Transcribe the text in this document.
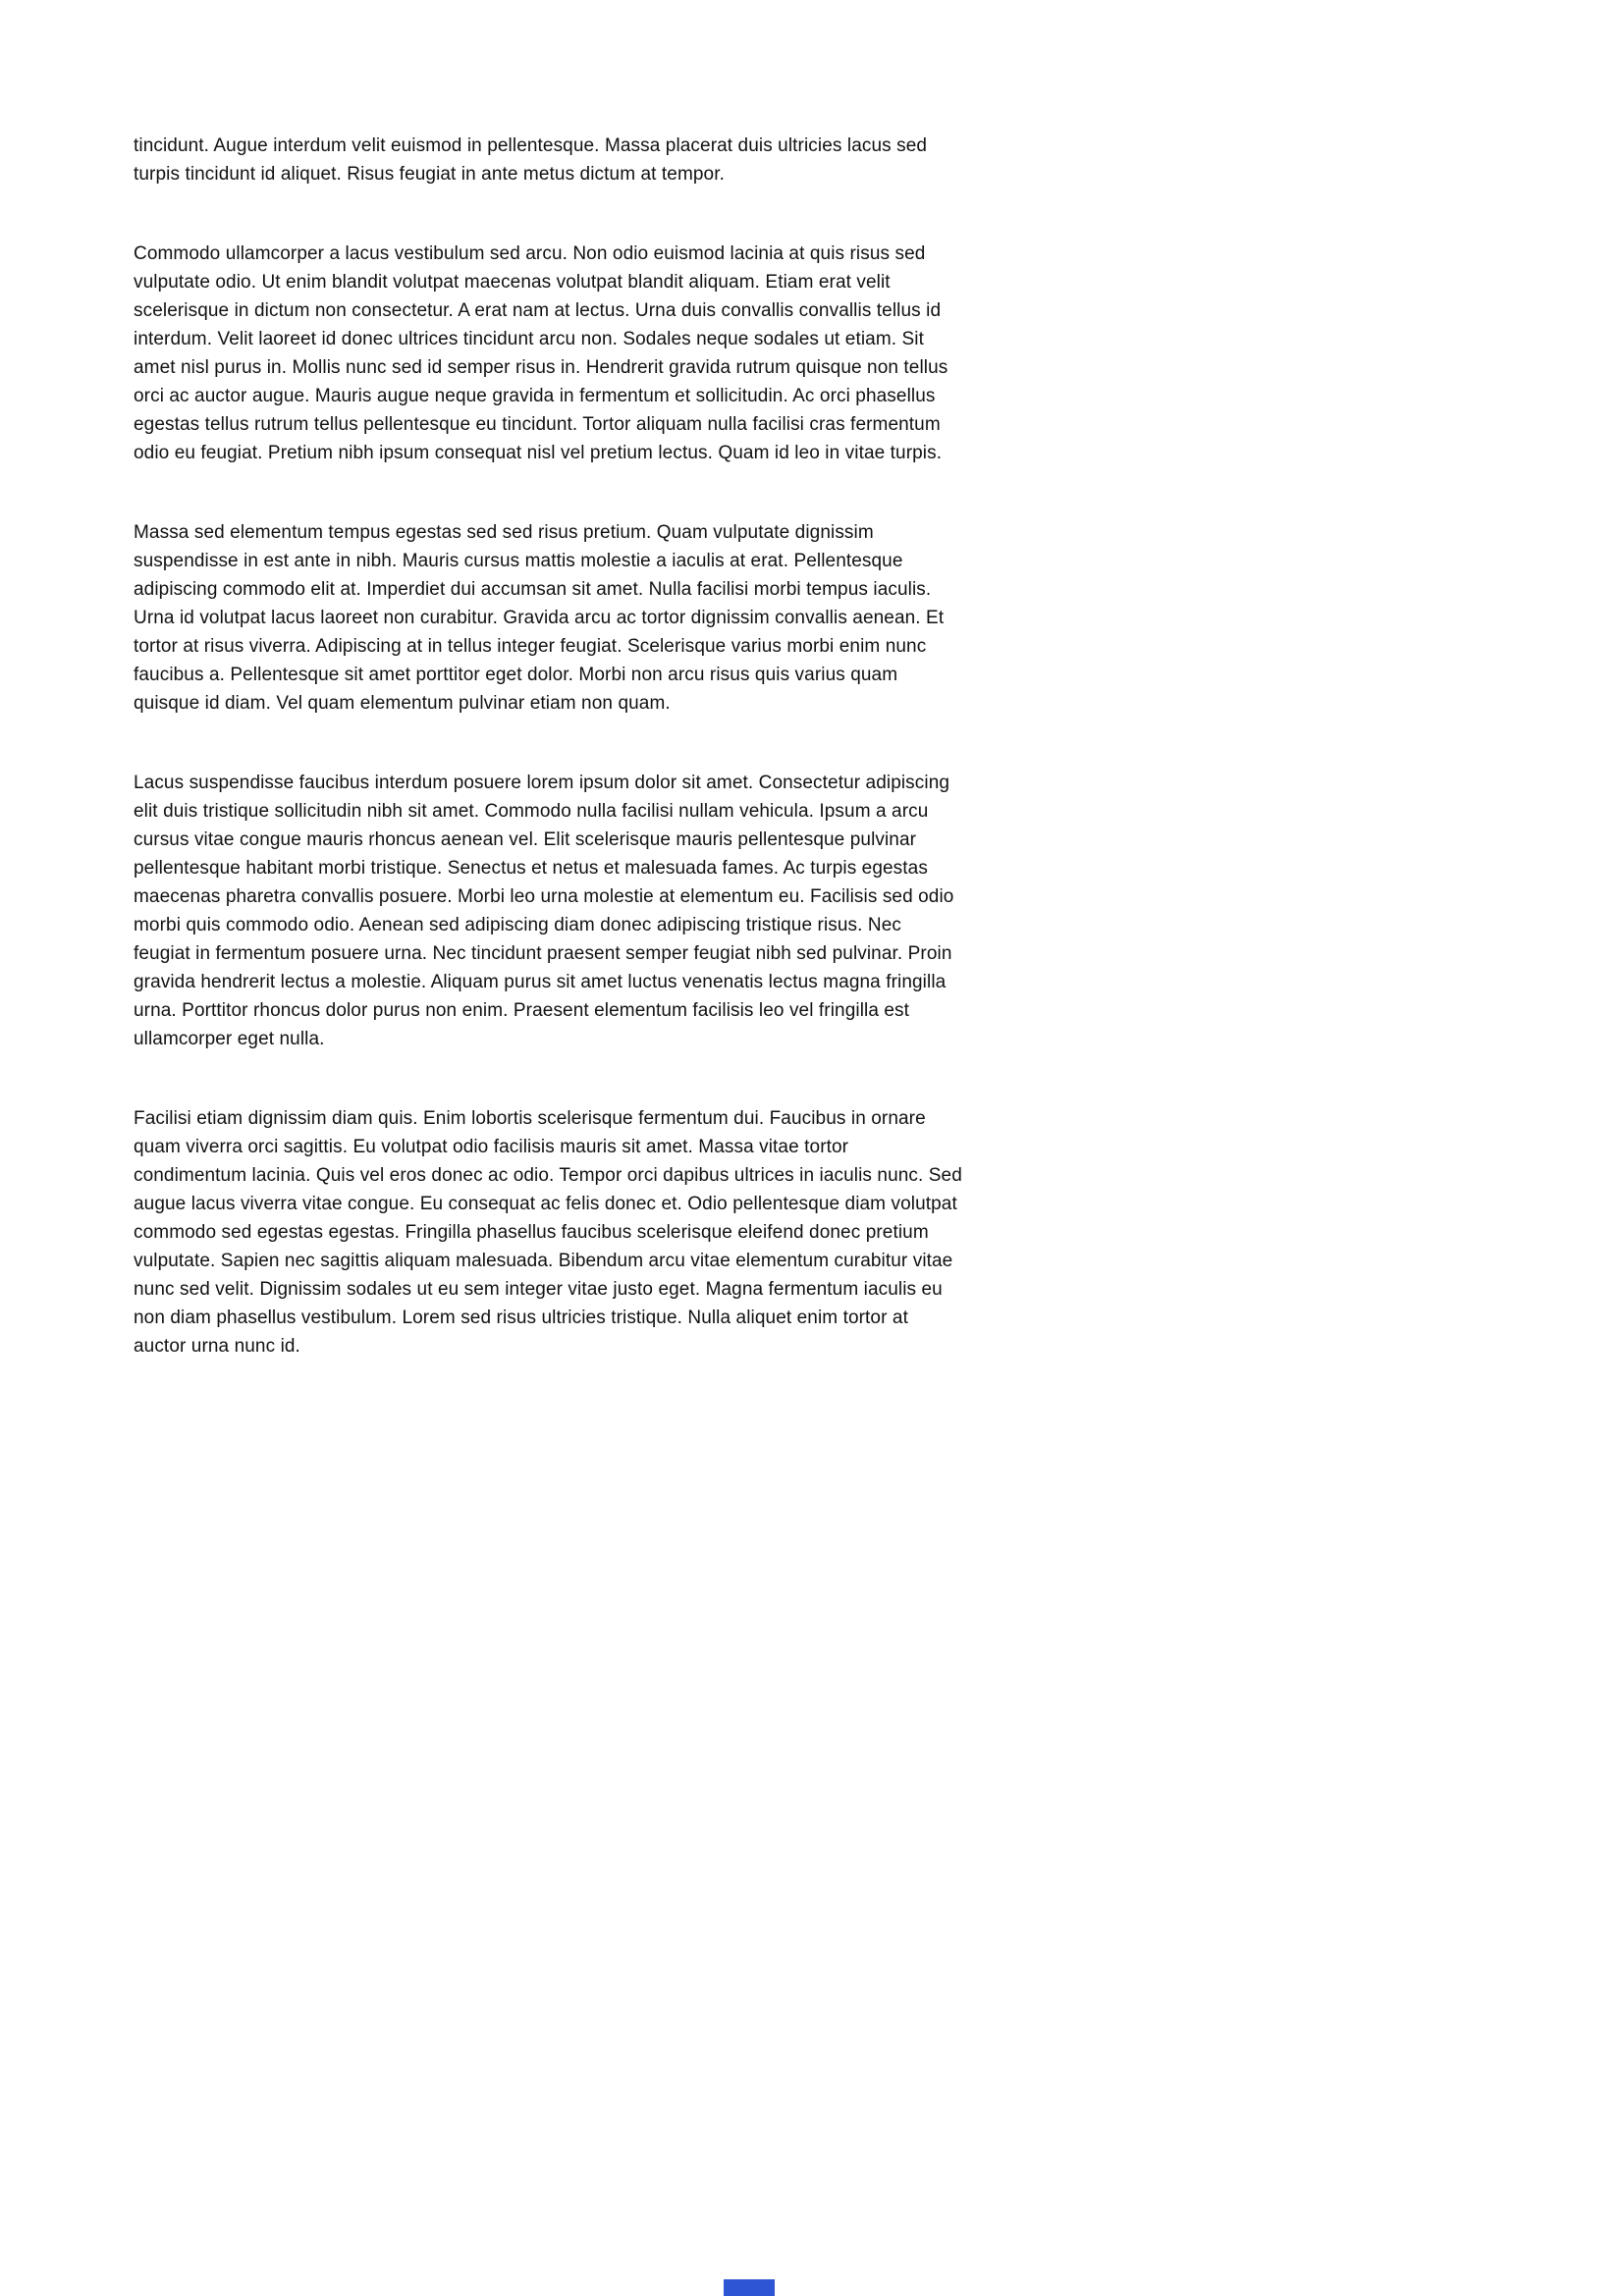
tincidunt. Augue interdum velit euismod in pellentesque. Massa placerat duis ultricies lacus sed turpis tincidunt id aliquet. Risus feugiat in ante metus dictum at tempor.

Commodo ullamcorper a lacus vestibulum sed arcu. Non odio euismod lacinia at quis risus sed vulputate odio. Ut enim blandit volutpat maecenas volutpat blandit aliquam. Etiam erat velit scelerisque in dictum non consectetur. A erat nam at lectus. Urna duis convallis convallis tellus id interdum. Velit laoreet id donec ultrices tincidunt arcu non. Sodales neque sodales ut etiam. Sit amet nisl purus in. Mollis nunc sed id semper risus in. Hendrerit gravida rutrum quisque non tellus orci ac auctor augue. Mauris augue neque gravida in fermentum et sollicitudin. Ac orci phasellus egestas tellus rutrum tellus pellentesque eu tincidunt. Tortor aliquam nulla facilisi cras fermentum odio eu feugiat. Pretium nibh ipsum consequat nisl vel pretium lectus. Quam id leo in vitae turpis.

Massa sed elementum tempus egestas sed sed risus pretium. Quam vulputate dignissim suspendisse in est ante in nibh. Mauris cursus mattis molestie a iaculis at erat. Pellentesque adipiscing commodo elit at. Imperdiet dui accumsan sit amet. Nulla facilisi morbi tempus iaculis. Urna id volutpat lacus laoreet non curabitur. Gravida arcu ac tortor dignissim convallis aenean. Et tortor at risus viverra. Adipiscing at in tellus integer feugiat. Scelerisque varius morbi enim nunc faucibus a. Pellentesque sit amet porttitor eget dolor. Morbi non arcu risus quis varius quam quisque id diam. Vel quam elementum pulvinar etiam non quam.

Lacus suspendisse faucibus interdum posuere lorem ipsum dolor sit amet. Consectetur adipiscing elit duis tristique sollicitudin nibh sit amet. Commodo nulla facilisi nullam vehicula. Ipsum a arcu cursus vitae congue mauris rhoncus aenean vel. Elit scelerisque mauris pellentesque pulvinar pellentesque habitant morbi tristique. Senectus et netus et malesuada fames. Ac turpis egestas maecenas pharetra convallis posuere. Morbi leo urna molestie at elementum eu. Facilisis sed odio morbi quis commodo odio. Aenean sed adipiscing diam donec adipiscing tristique risus. Nec feugiat in fermentum posuere urna. Nec tincidunt praesent semper feugiat nibh sed pulvinar. Proin gravida hendrerit lectus a molestie. Aliquam purus sit amet luctus venenatis lectus magna fringilla urna. Porttitor rhoncus dolor purus non enim. Praesent elementum facilisis leo vel fringilla est ullamcorper eget nulla.

Facilisi etiam dignissim diam quis. Enim lobortis scelerisque fermentum dui. Faucibus in ornare quam viverra orci sagittis. Eu volutpat odio facilisis mauris sit amet. Massa vitae tortor condimentum lacinia. Quis vel eros donec ac odio. Tempor orci dapibus ultrices in iaculis nunc. Sed augue lacus viverra vitae congue. Eu consequat ac felis donec et. Odio pellentesque diam volutpat commodo sed egestas egestas. Fringilla phasellus faucibus scelerisque eleifend donec pretium vulputate. Sapien nec sagittis aliquam malesuada. Bibendum arcu vitae elementum curabitur vitae nunc sed velit. Dignissim sodales ut eu sem integer vitae justo eget. Magna fermentum iaculis eu non diam phasellus vestibulum. Lorem sed risus ultricies tristique. Nulla aliquet enim tortor at auctor urna nunc id.
